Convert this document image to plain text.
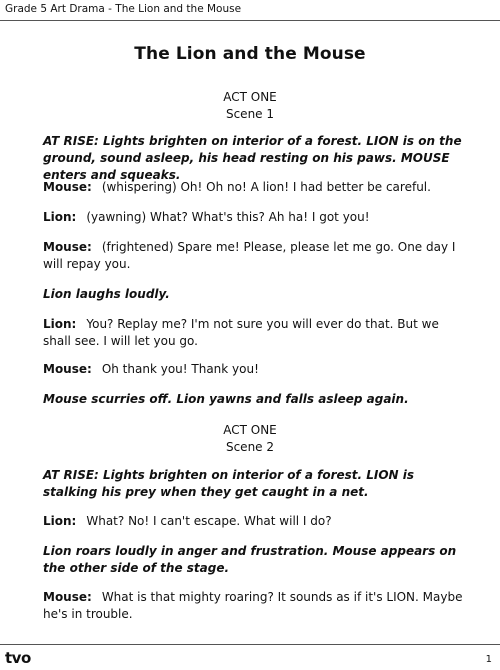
Grade 5 Art Drama - The Lion and the Mouse
The Lion and the Mouse
ACT ONE
Scene 1
AT RISE: Lights brighten on interior of a forest. LION is on the ground, sound asleep, his head resting on his paws. MOUSE enters and squeaks.
Mouse: (whispering) Oh! Oh no! A lion! I had better be careful.
Lion: (yawning) What? What's this? Ah ha! I got you!
Mouse: (frightened) Spare me! Please, please let me go. One day I will repay you.
Lion laughs loudly.
Lion: You? Replay me? I'm not sure you will ever do that. But we shall see. I will let you go.
Mouse: Oh thank you! Thank you!
Mouse scurries off. Lion yawns and falls asleep again.
ACT ONE
Scene 2
AT RISE: Lights brighten on interior of a forest. LION is stalking his prey when they get caught in a net.
Lion: What? No! I can't escape. What will I do?
Lion roars loudly in anger and frustration. Mouse appears on the other side of the stage.
Mouse: What is that mighty roaring? It sounds as if it's LION. Maybe he's in trouble.
tvo	1
